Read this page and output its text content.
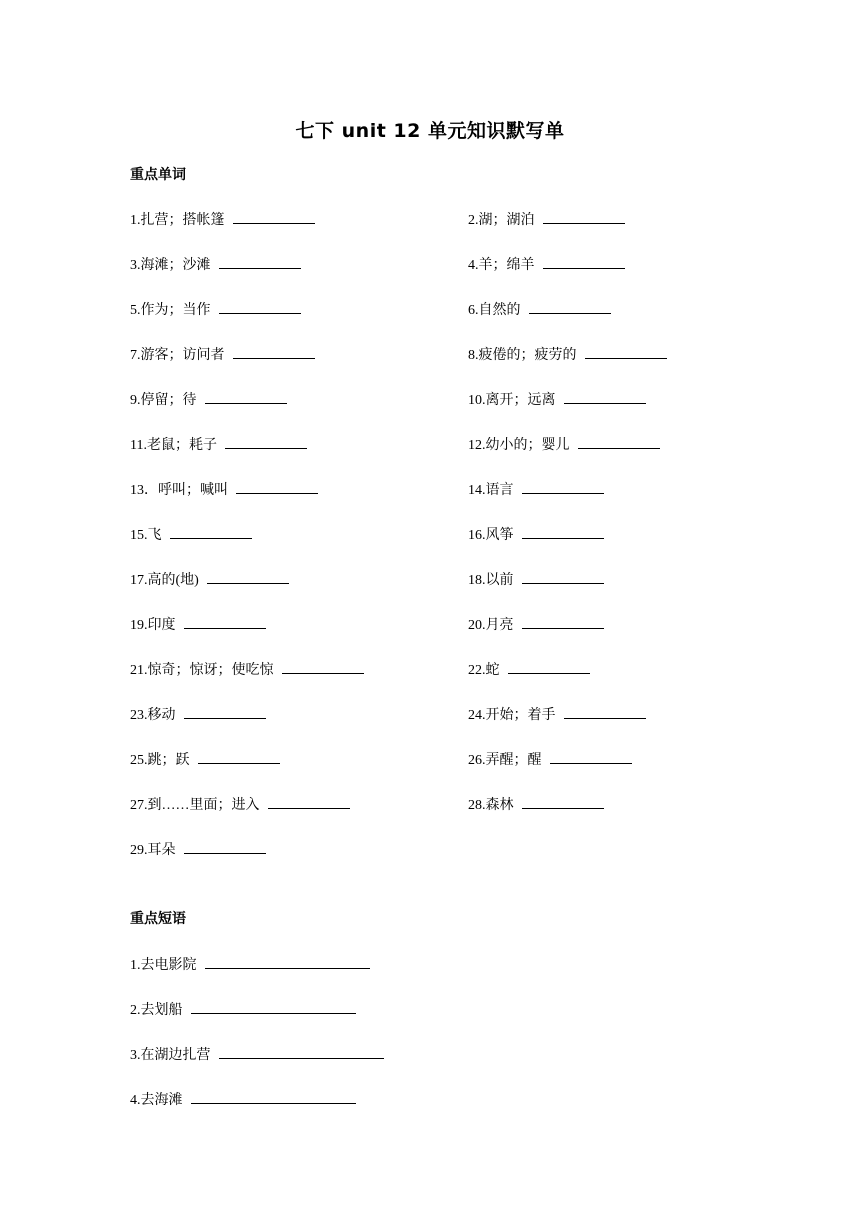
七下 unit 12 单元知识默写单
重点单词
1.扎营；搭帐篷	2.湖；湖泊
3.海滩；沙滩	4.羊；绵羊
5.作为；当作	6.自然的
7.游客；访问者	8.疲倦的；疲劳的
9.停留；待	10.离开；远离
11.老鼠；耗子	12.幼小的；婴儿
13．呼叫；喊叫	14.语言
15.飞	16.风筝
17.高的(地)	18.以前
19.印度	20.月亮
21.惊奇；惊讶；使吃惊	22.蛇
23.移动	24.开始；着手
25.跳；跃	26.弄醒；醒
27.到……里面；进入	28.森林
29.耳朵
重点短语
1.去电影院
2.去划船
3.在湖边扎营
4.去海滩
